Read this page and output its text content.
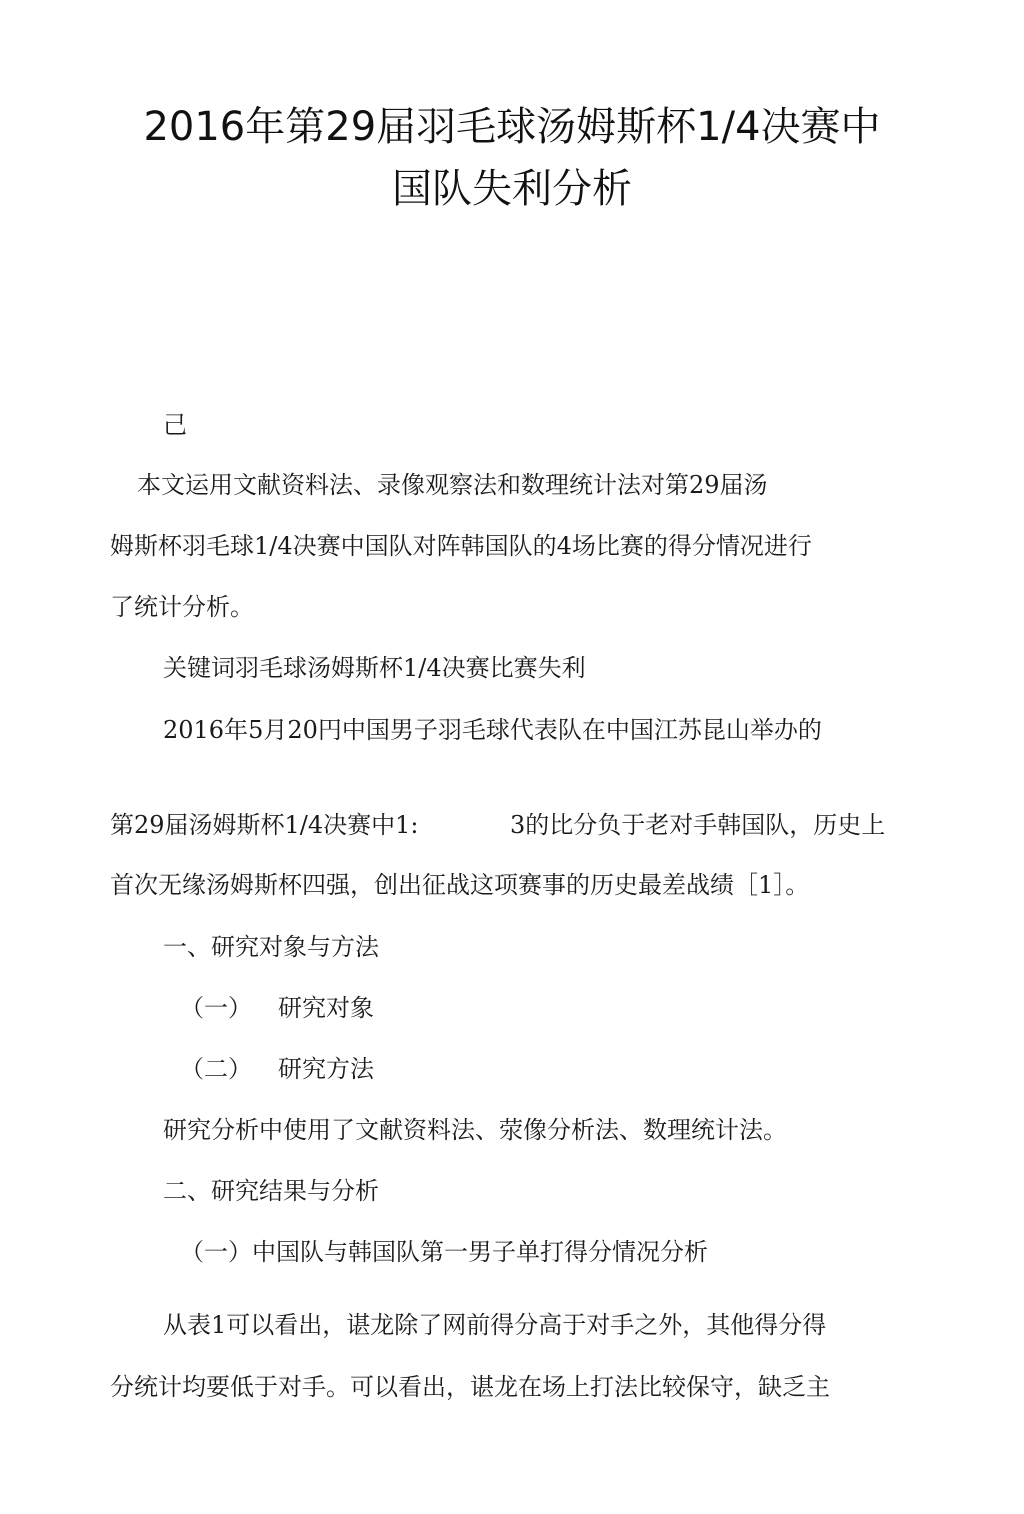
2016年第29届羽毛球汤姆斯杯1/4决赛中
国队失利分析
己
本文运用文献资料法、录像观察法和数理统计法对第29届汤
姆斯杯羽毛球1/4决赛中国队对阵韩国队的4场比赛的得分情况进行
了统计分析。
关键词羽毛球汤姆斯杯1/4决赛比赛失利
2016年5月20円中国男子羽毛球代表队在中国江苏昆山举办的
第29届汤姆斯杯1/4决赛中1:	3的比分负于老对手韩国队，历史上
首次无缘汤姆斯杯四强，创出征战这项赛事的历史最差战绩［1］。
一、研究对象与方法
（一） 研究对象
（二） 研究方法
研究分析中使用了文献资料法、荥像分析法、数理统计法。
二、研究结果与分析
（一）中国队与韩国队第一男子单打得分情况分析
从表1可以看出，谌龙除了网前得分高于对手之外，其他得分得
分统计均要低于对手。可以看出，谌龙在场上打法比较保守，缺乏主
